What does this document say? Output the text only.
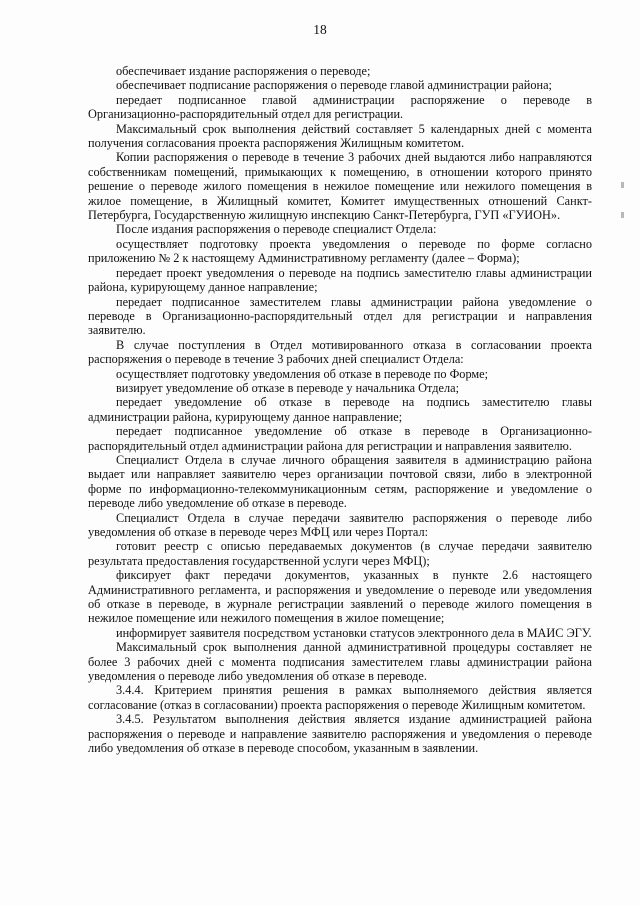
18

обеспечивает издание распоряжения о переводе;

обеспечивает подписание распоряжения о переводе главой администрации района;

передает подписанное главой администрации распоряжение о переводе в Организационно-распорядительный отдел для регистрации.

Максимальный срок выполнения действий составляет 5 календарных дней с момента получения согласования проекта распоряжения Жилищным комитетом.

Копии распоряжения о переводе в течение 3 рабочих дней выдаются либо направляются собственникам помещений, примыкающих к помещению, в отношении которого принято решение о переводе жилого помещения в нежилое помещение или нежилого помещения в жилое помещение, в Жилищный комитет, Комитет имущественных отношений Санкт-Петербурга, Государственную жилищную инспекцию Санкт-Петербурга, ГУП «ГУИОН».

После издания распоряжения о переводе специалист Отдела:

осуществляет подготовку проекта уведомления о переводе по форме согласно приложению № 2 к настоящему Административному регламенту (далее – Форма);

передает проект уведомления о переводе на подпись заместителю главы администрации района, курирующему данное направление;

передает подписанное заместителем главы администрации района уведомление о переводе в Организационно-распорядительный отдел для регистрации и направления заявителю.

В случае поступления в Отдел мотивированного отказа в согласовании проекта распоряжения о переводе в течение 3 рабочих дней специалист Отдела:

осуществляет подготовку уведомления об отказе в переводе по Форме;

визирует уведомление об отказе в переводе у начальника Отдела;

передает уведомление об отказе в переводе на подпись заместителю главы администрации района, курирующему данное направление;

передает подписанное уведомление об отказе в переводе в Организационно-распорядительный отдел администрации района для регистрации и направления заявителю.

Специалист Отдела в случае личного обращения заявителя в администрацию района выдает или направляет заявителю через организации почтовой связи, либо в электронной форме по информационно-телекоммуникационным сетям, распоряжение и уведомление о переводе либо уведомление об отказе в переводе.

Специалист Отдела в случае передачи заявителю распоряжения о переводе либо уведомления об отказе в переводе через МФЦ или через Портал:

готовит реестр с описью передаваемых документов (в случае передачи заявителю результата предоставления государственной услуги через МФЦ);

фиксирует факт передачи документов, указанных в пункте 2.6 настоящего Административного регламента, и распоряжения и уведомление о переводе или уведомления об отказе в переводе, в журнале регистрации заявлений о переводе жилого помещения в нежилое помещение или нежилого помещения в жилое помещение;

информирует заявителя посредством установки статусов электронного дела в МАИС ЭГУ.

Максимальный срок выполнения данной административной процедуры составляет не более 3 рабочих дней с момента подписания заместителем главы администрации района уведомления о переводе либо уведомления об отказе в переводе.

3.4.4. Критерием принятия решения в рамках выполняемого действия является согласование (отказ в согласовании) проекта распоряжения о переводе Жилищным комитетом.

3.4.5. Результатом выполнения действия является издание администрацией района распоряжения о переводе и направление заявителю распоряжения и уведомления о переводе либо уведомления об отказе в переводе способом, указанным в заявлении.
